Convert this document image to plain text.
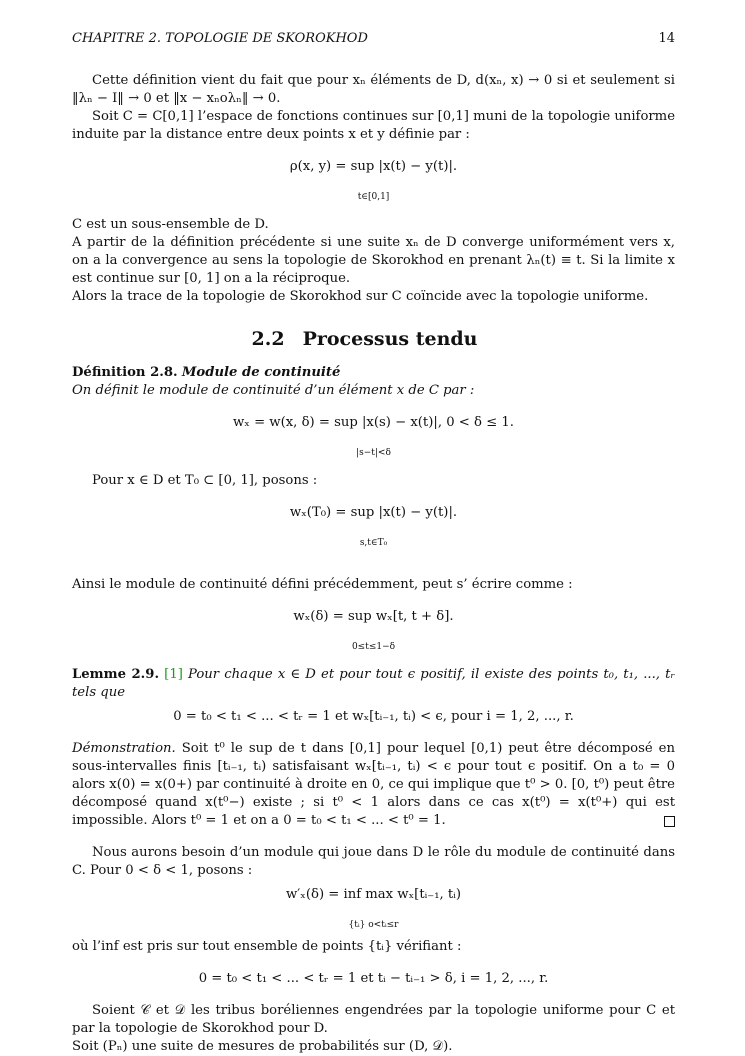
CHAPITRE 2. TOPOLOGIE DE SKOROKHOD	14

Cette définition vient du fait que pour xₙ éléments de D, d(xₙ, x) → 0 si et seulement si ‖λₙ − I‖ → 0 et ‖x − xₙoλₙ‖ → 0.

Soit C = C[0,1] l’espace de fonctions continues sur [0,1] muni de la topologie uniforme induite par la distance entre deux points x et y définie par :

ρ(x, y) = sup |x(t) − y(t)|.
t∈[0,1]

C est un sous-ensemble de D.

A partir de la définition précédente si une suite xₙ de D converge uniformément vers x, on a la convergence au sens la topologie de Skorokhod en prenant λₙ(t) ≡ t. Si la limite x est continue sur [0, 1] on a la réciproque.

Alors la trace de la topologie de Skorokhod sur C coïncide avec la topologie uniforme.

2.2 Processus tendu

Définition 2.8. Module de continuité

On définit le module de continuité d’un élément x de C par :

wₓ = w(x, δ) = sup |x(s) − x(t)|, 0 < δ ≤ 1.
|s−t|<δ

Pour x ∈ D et T₀ ⊂ [0, 1], posons :

wₓ(T₀) = sup |x(t) − y(t)|.
s,t∈T₀

Ainsi le module de continuité défini précédemment, peut s’ écrire comme :

wₓ(δ) = sup wₓ[t, t + δ].
0≤t≤1−δ

Lemme 2.9. [1] Pour chaque x ∈ D et pour tout ϵ positif, il existe des points t₀, t₁, ..., tᵣ tels que

0 = t₀ < t₁ < ... < tᵣ = 1 et wₓ[tᵢ₋₁, tᵢ) < ϵ, pour i = 1, 2, ..., r.

Démonstration. Soit t⁰ le sup de t dans [0,1] pour lequel [0,1) peut être décomposé en sous-intervalles finis [tᵢ₋₁, tᵢ) satisfaisant wₓ[tᵢ₋₁, tᵢ) < ϵ pour tout ϵ positif. On a t₀ = 0 alors x(0) = x(0+) par continuité à droite en 0, ce qui implique que t⁰ > 0. [0, t⁰) peut être décomposé quand x(t⁰−) existe ; si t⁰ < 1 alors dans ce cas x(t⁰) = x(t⁰+) qui est impossible. Alors t⁰ = 1 et on a 0 = t₀ < t₁ < ... < t⁰ = 1.

Nous aurons besoin d’un module qui joue dans D le rôle du module de continuité dans C. Pour 0 < δ < 1, posons :

w′ₓ(δ) = inf max wₓ[tᵢ₋₁, tᵢ)
{tᵢ} o<tᵢ≤r

où l’inf est pris sur tout ensemble de points {tᵢ} vérifiant :

0 = t₀ < t₁ < ... < tᵣ = 1 et tᵢ − tᵢ₋₁ > δ, i = 1, 2, ..., r.

Soient 𝒞 et 𝒟 les tribus boréliennes engendrées par la topologie uniforme pour C et par la topologie de Skorokhod pour D.

Soit (Pₙ) une suite de mesures de probabilités sur (D, 𝒟).
